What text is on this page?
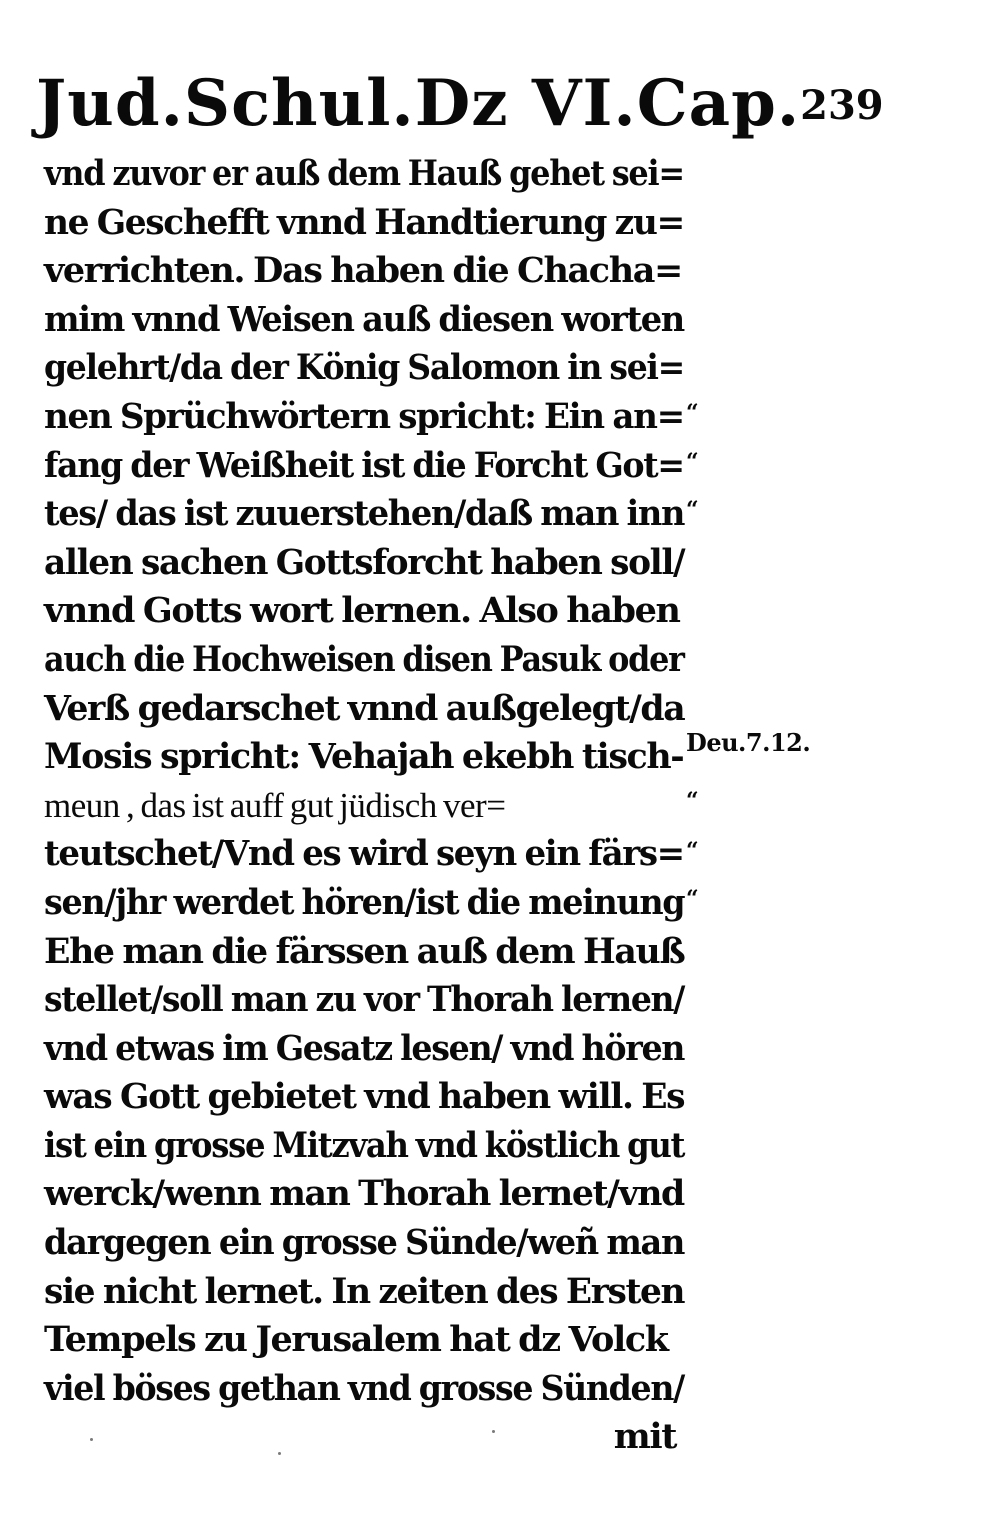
Jud.Schul.Dz VI.Cap.239
vnd zuvor er auß dem Hauß gehet sei=
ne Geschefft vnnd Handtierung zu=
verrichten. Das haben die Chacha=
mim vnnd Weisen auß diesen worten
gelehrt/da der König Salomon in sei=
nen Sprüchwörtern spricht: Ein an=
fang der Weißheit ist die Forcht Got=
tes/ das ist zuuerstehen/daß man inn
allen sachen Gottsforcht haben soll/
vnnd Gotts wort lernen. Also haben
auch die Hochweisen disen Pasuk oder
Verß gedarschet vnnd außgelegt/da
Mosis spricht: Vehajah ekebh tisch-
meun , das ist auff gut jüdisch ver=
teutschet/Vnd es wird seyn ein färs=
sen/jhr werdet hören/ist die meinung
Ehe man die färssen auß dem Hauß
stellet/soll man zu vor Thorah lernen/
vnd etwas im Gesatz lesen/ vnd hören
was Gott gebietet vnd haben will. Es
ist ein grosse Mitzvah vnd köstlich gut
werck/wenn man Thorah lernet/vnd
dargegen ein grosse Sünde/weñ man
sie nicht lernet. In zeiten des Ersten
Tempels zu Jerusalem hat dz Volck
viel böses gethan vnd grosse Sünden/
mit
“
“
“
Deu.7.12.
“
“
“
